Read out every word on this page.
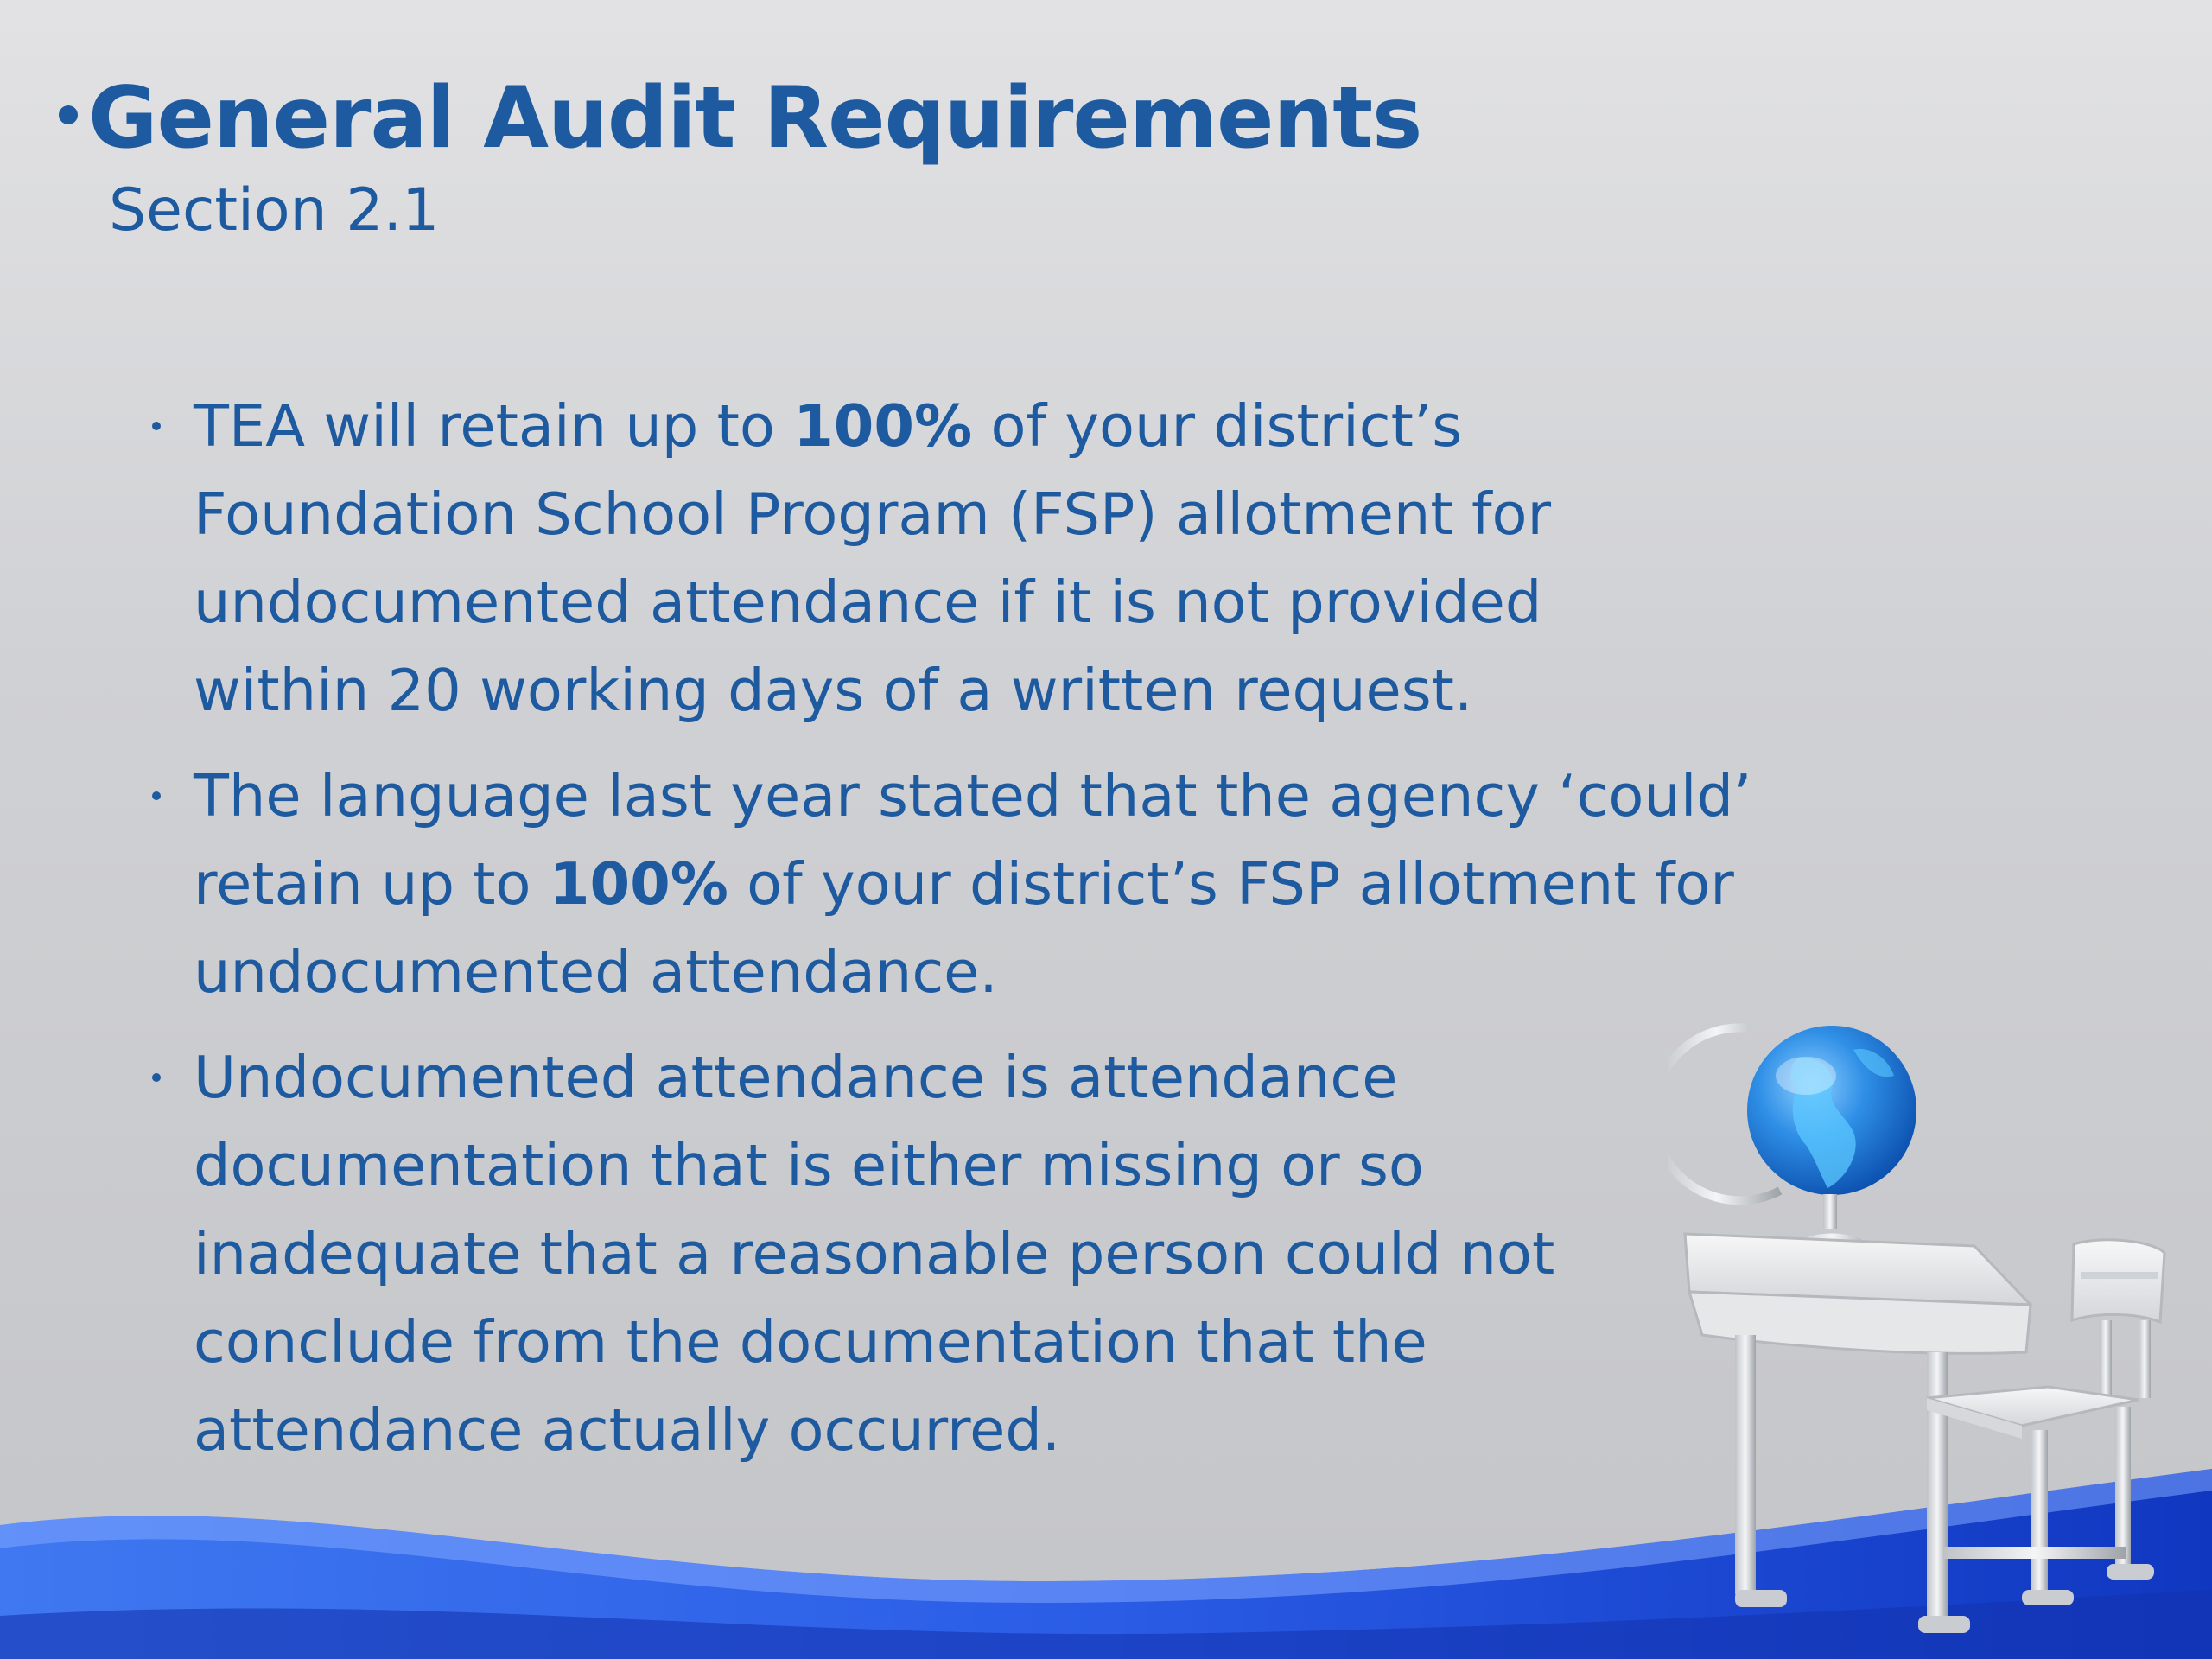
General Audit Requirements
Section 2.1
TEA will retain up to 100% of your district’s
Foundation School Program (FSP) allotment for
undocumented attendance if it is not provided
within 20 working days of a written request.
The language last year stated that the agency ‘could’
retain up to 100% of your district’s FSP allotment for
undocumented attendance.
Undocumented attendance is attendance
documentation that is either missing or so
inadequate that a reasonable person could not
conclude from the documentation that the
attendance actually occurred.
